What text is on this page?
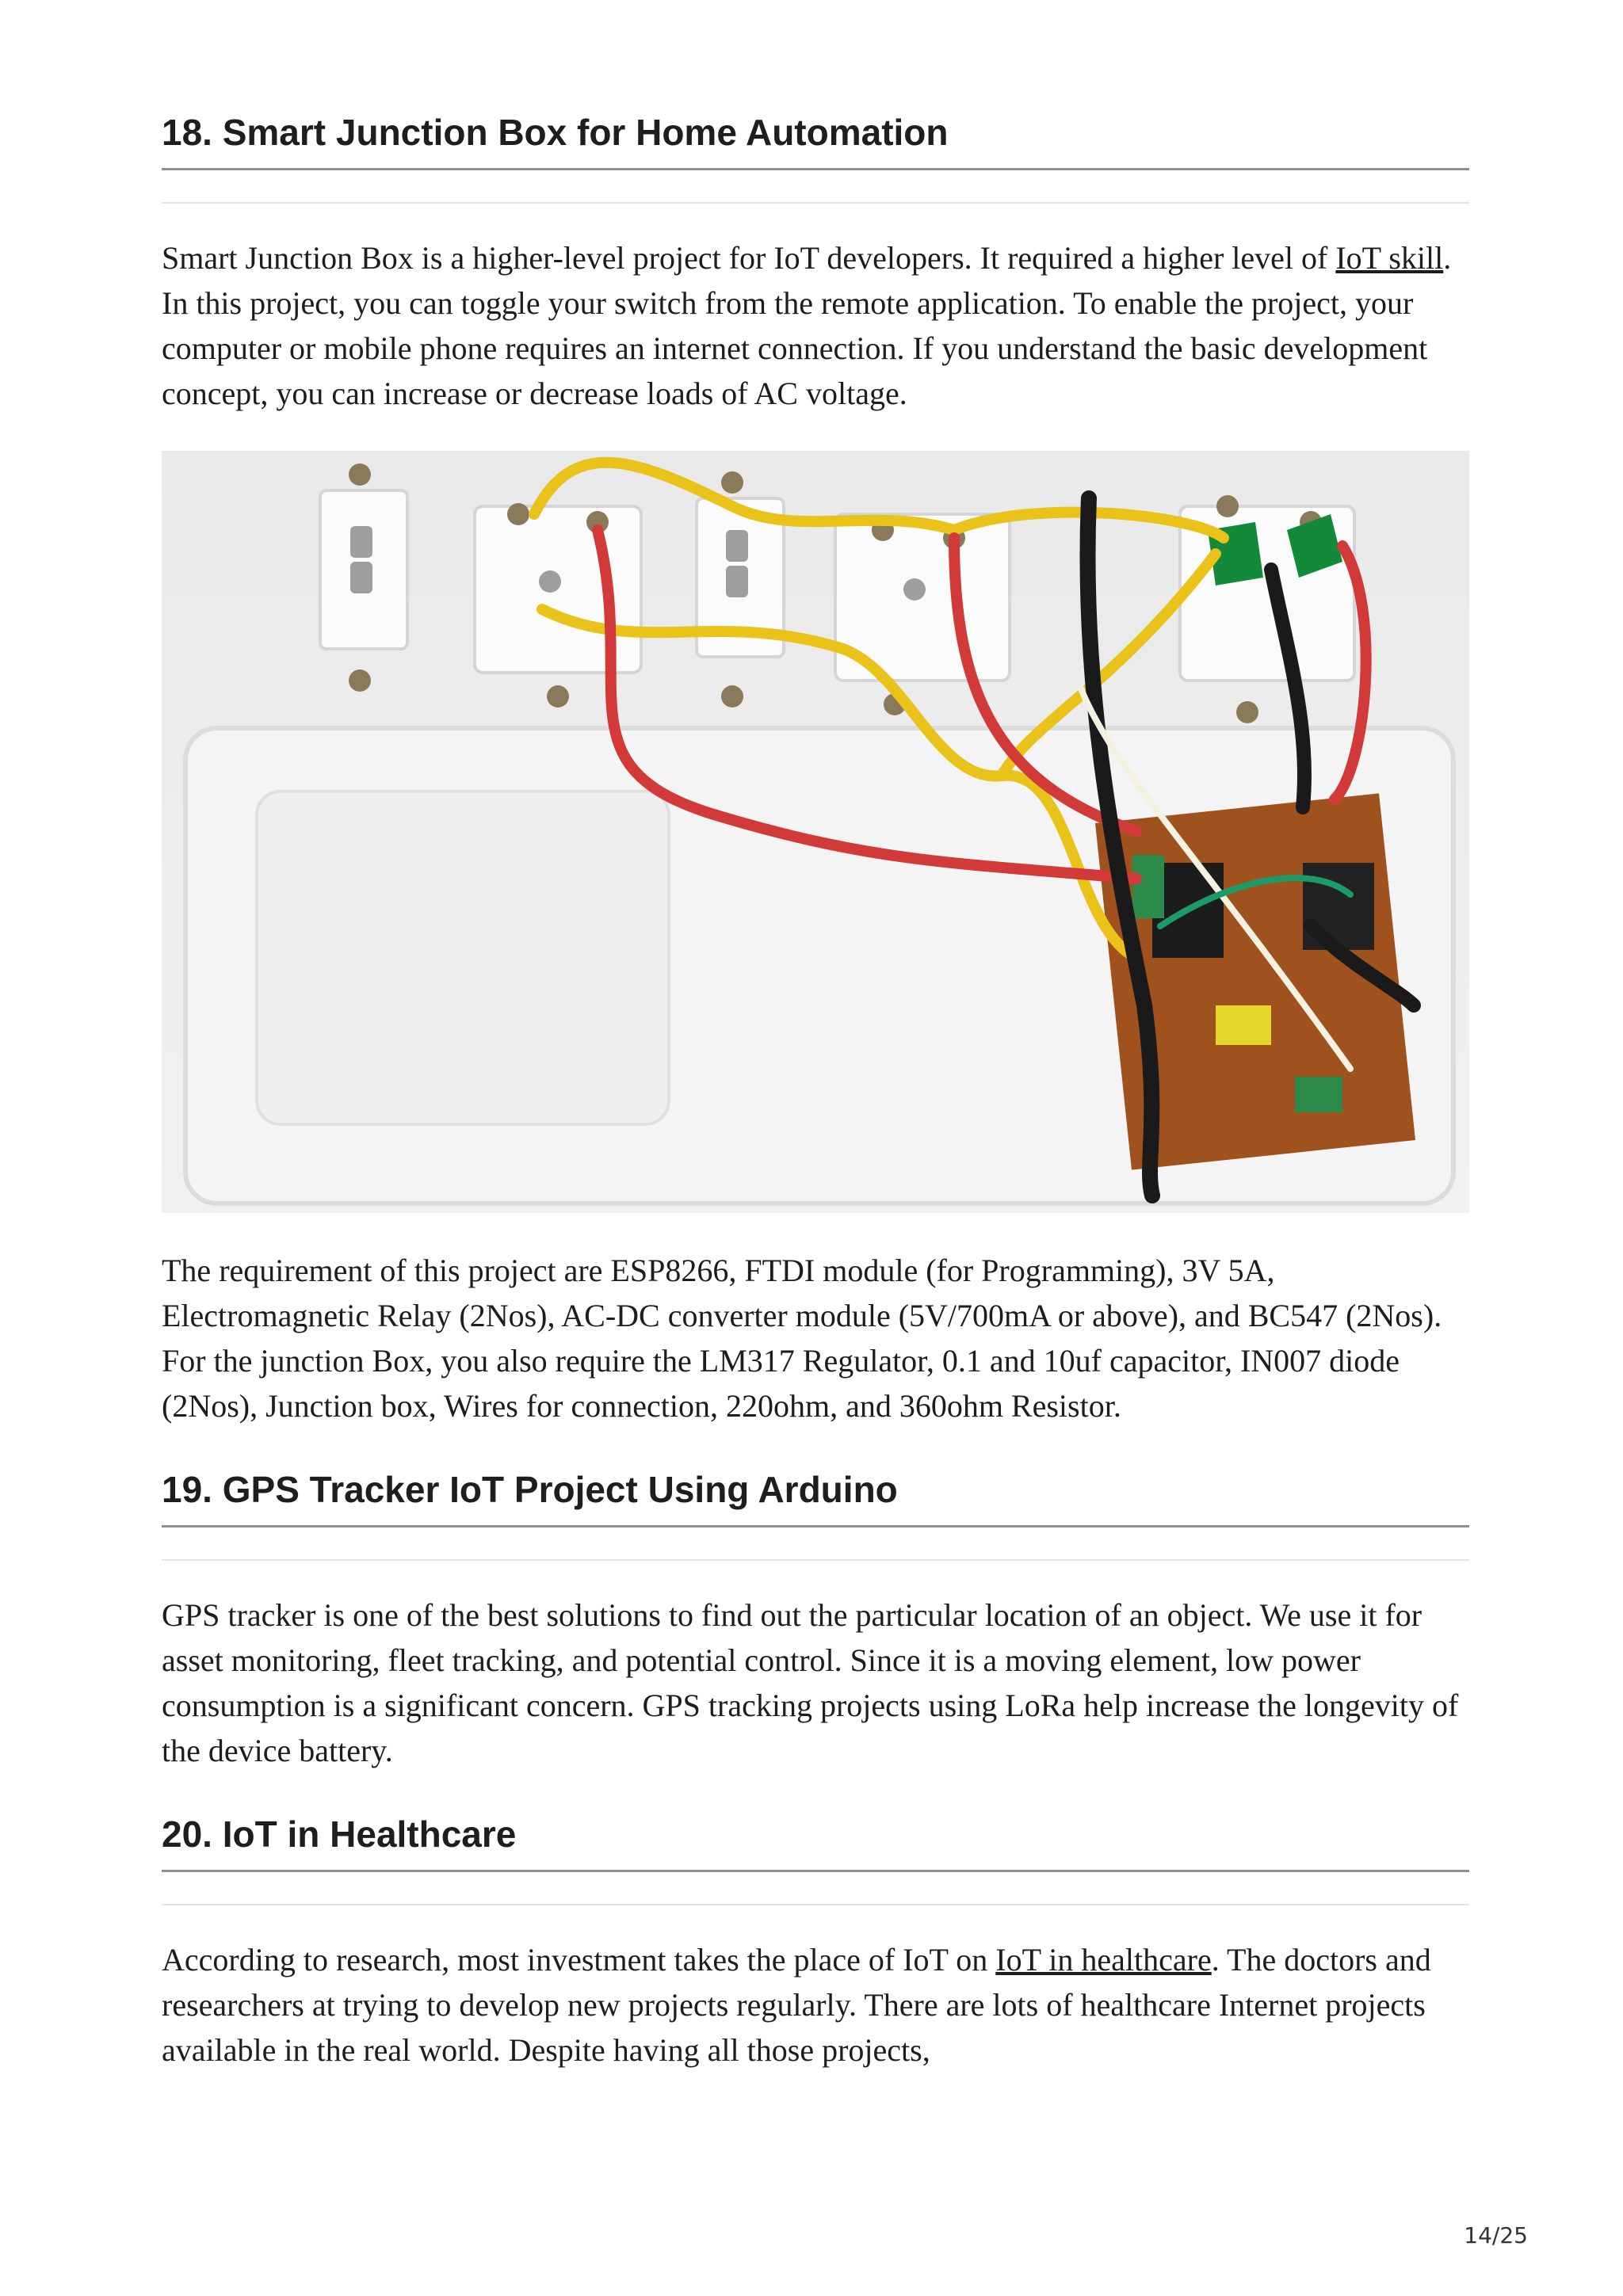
18. Smart Junction Box for Home Automation

Smart Junction Box is a higher-level project for IoT developers. It required a higher level of IoT skill. In this project, you can toggle your switch from the remote application. To enable the project, your computer or mobile phone requires an internet connection. If you understand the basic development concept, you can increase or decrease loads of AC voltage.

The requirement of this project are ESP8266, FTDI module (for Programming), 3V 5A, Electromagnetic Relay (2Nos), AC-DC converter module (5V/700mA or above), and BC547 (2Nos). For the junction Box, you also require the LM317 Regulator, 0.1 and 10uf capacitor, IN007 diode (2Nos), Junction box, Wires for connection, 220ohm, and 360ohm Resistor.

19. GPS Tracker IoT Project Using Arduino

GPS tracker is one of the best solutions to find out the particular location of an object. We use it for asset monitoring, fleet tracking, and potential control. Since it is a moving element, low power consumption is a significant concern. GPS tracking projects using LoRa help increase the longevity of the device battery.

20. IoT in Healthcare

According to research, most investment takes the place of IoT on IoT in healthcare. The doctors and researchers at trying to develop new projects regularly. There are lots of healthcare Internet projects available in the real world. Despite having all those projects,

14/25
